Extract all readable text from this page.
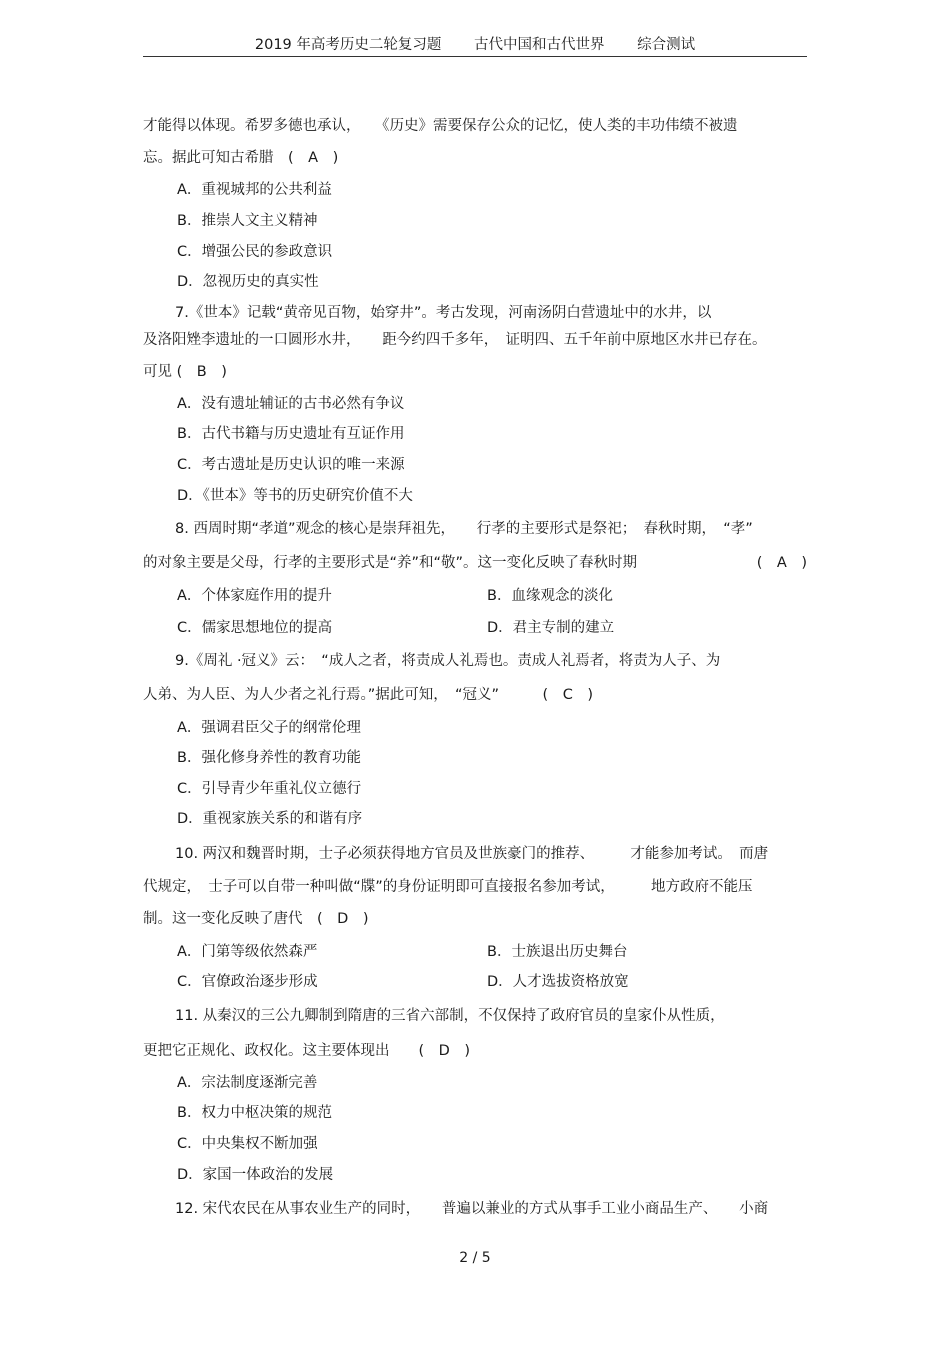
2019 年高考历史二轮复习题 古代中国和古代世界 综合测试
才能得以体现。希罗多德也承认，　　《历史》需要保存公众的记忆，使人类的丰功伟绩不被遗
忘。据此可知古希腊　(　A　)
A．重视城邦的公共利益
B．推崇人文主义精神
C．增强公民的参政意识
D．忽视历史的真实性
7.《世本》记载“黄帝见百物，始穿井”。考古发现，河南汤阴白营遗址中的水井，以
及洛阳矬李遗址的一口圆形水井，　　距今约四千多年，　证明四、五千年前中原地区水井已存在。
可见 (　B　)
A．没有遗址辅证的古书必然有争议
B．古代书籍与历史遗址有互证作用
C．考古遗址是历史认识的唯一来源
D．《世本》等书的历史研究价值不大
8. 西周时期“孝道”观念的核心是崇拜祖先，　　行孝的主要形式是祭祀；　春秋时期，　“孝”
的对象主要是父母，行孝的主要形式是“养”和“敬”。这一变化反映了春秋时期	(　A　)
A．个体家庭作用的提升	B．血缘观念的淡化
C．儒家思想地位的提高	D．君主专制的建立
9.《周礼 ·冠义》云：　“成人之者，将责成人礼焉也。责成人礼焉者，将责为人子、为
人弟、为人臣、为人少者之礼行焉。”据此可知，　“冠义”　　　(　C　)
A．强调君臣父子的纲常伦理
B．强化修身养性的教育功能
C．引导青少年重礼仪立德行
D．重视家族关系的和谐有序
10. 两汉和魏晋时期，士子必须获得地方官员及世族豪门的推荐、　　　才能参加考试。　而唐
代规定，　士子可以自带一种叫做“牒”的身份证明即可直接报名参加考试，　　　地方政府不能压
制。这一变化反映了唐代　(　D　)
A．门第等级依然森严	B．士族退出历史舞台
C．官僚政治逐步形成	D．人才选拔资格放宽
11. 从秦汉的三公九卿制到隋唐的三省六部制，不仅保持了政府官员的皇家仆从性质，
更把它正规化、政权化。这主要体现出　　(　D　)
A．宗法制度逐渐完善
B．权力中枢决策的规范
C．中央集权不断加强
D．家国一体政治的发展
12. 宋代农民在从事农业生产的同时，　　普遍以兼业的方式从事手工业小商品生产、　　小商
2 / 5
